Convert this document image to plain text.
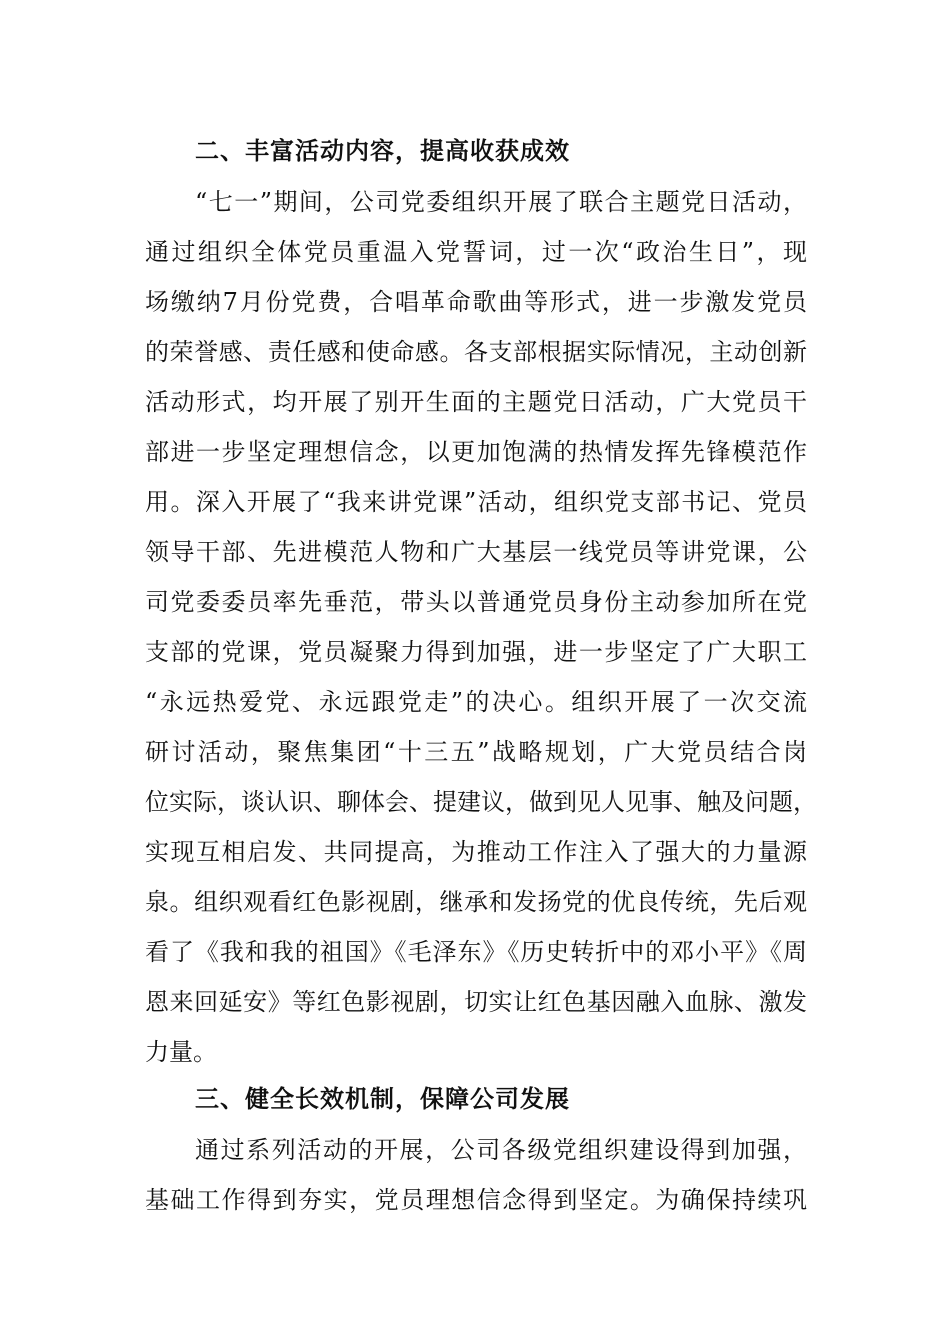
二、丰富活动内容，提高收获成效
“七一”期间，公司党委组织开展了联合主题党日活动，
通过组织全体党员重温入党誓词，过一次“政治生日”，现
场缴纳7月份党费，合唱革命歌曲等形式，进一步激发党员
的荣誉感、责任感和使命感。各支部根据实际情况，主动创新
活动形式，均开展了别开生面的主题党日活动，广大党员干
部进一步坚定理想信念，以更加饱满的热情发挥先锋模范作
用。深入开展了“我来讲党课”活动，组织党支部书记、党员
领导干部、先进模范人物和广大基层一线党员等讲党课，公
司党委委员率先垂范，带头以普通党员身份主动参加所在党
支部的党课，党员凝聚力得到加强，进一步坚定了广大职工
“永远热爱党、永远跟党走”的决心。组织开展了一次交流
研讨活动，聚焦集团“十三五”战略规划，广大党员结合岗
位实际，谈认识、聊体会、提建议，做到见人见事、触及问题，
实现互相启发、共同提高，为推动工作注入了强大的力量源
泉。组织观看红色影视剧，继承和发扬党的优良传统，先后观
看了《我和我的祖国》《毛泽东》《历史转折中的邓小平》《周
恩来回延安》等红色影视剧，切实让红色基因融入血脉、激发
力量。
三、健全长效机制，保障公司发展
通过系列活动的开展，公司各级党组织建设得到加强，
基础工作得到夯实，党员理想信念得到坚定。为确保持续巩
